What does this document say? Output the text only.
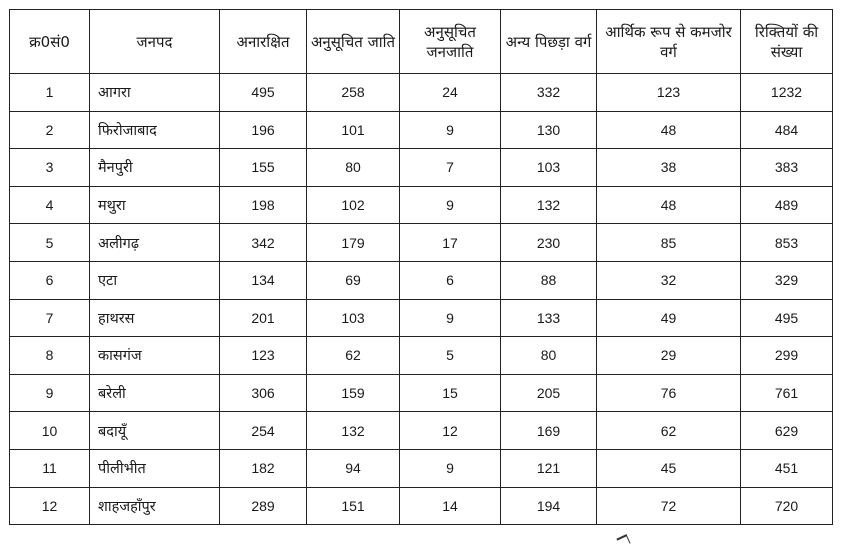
क्र0सं0	जनपद	अनारक्षित	अनुसूचित जाति	अनुसूचित जनजाति	अन्य पिछड़ा वर्ग	आर्थिक रूप से कमजोर वर्ग	रिक्तियों की संख्या
1	आगरा	495	258	24	332	123	1232
2	फिरोजाबाद	196	101	9	130	48	484
3	मैनपुरी	155	80	7	103	38	383
4	मथुरा	198	102	9	132	48	489
5	अलीगढ़	342	179	17	230	85	853
6	एटा	134	69	6	88	32	329
7	हाथरस	201	103	9	133	49	495
8	कासगंज	123	62	5	80	29	299
9	बरेली	306	159	15	205	76	761
10	बदायूँ	254	132	12	169	62	629
11	पीलीभीत	182	94	9	121	45	451
12	शाहजहाँपुर	289	151	14	194	72	720
